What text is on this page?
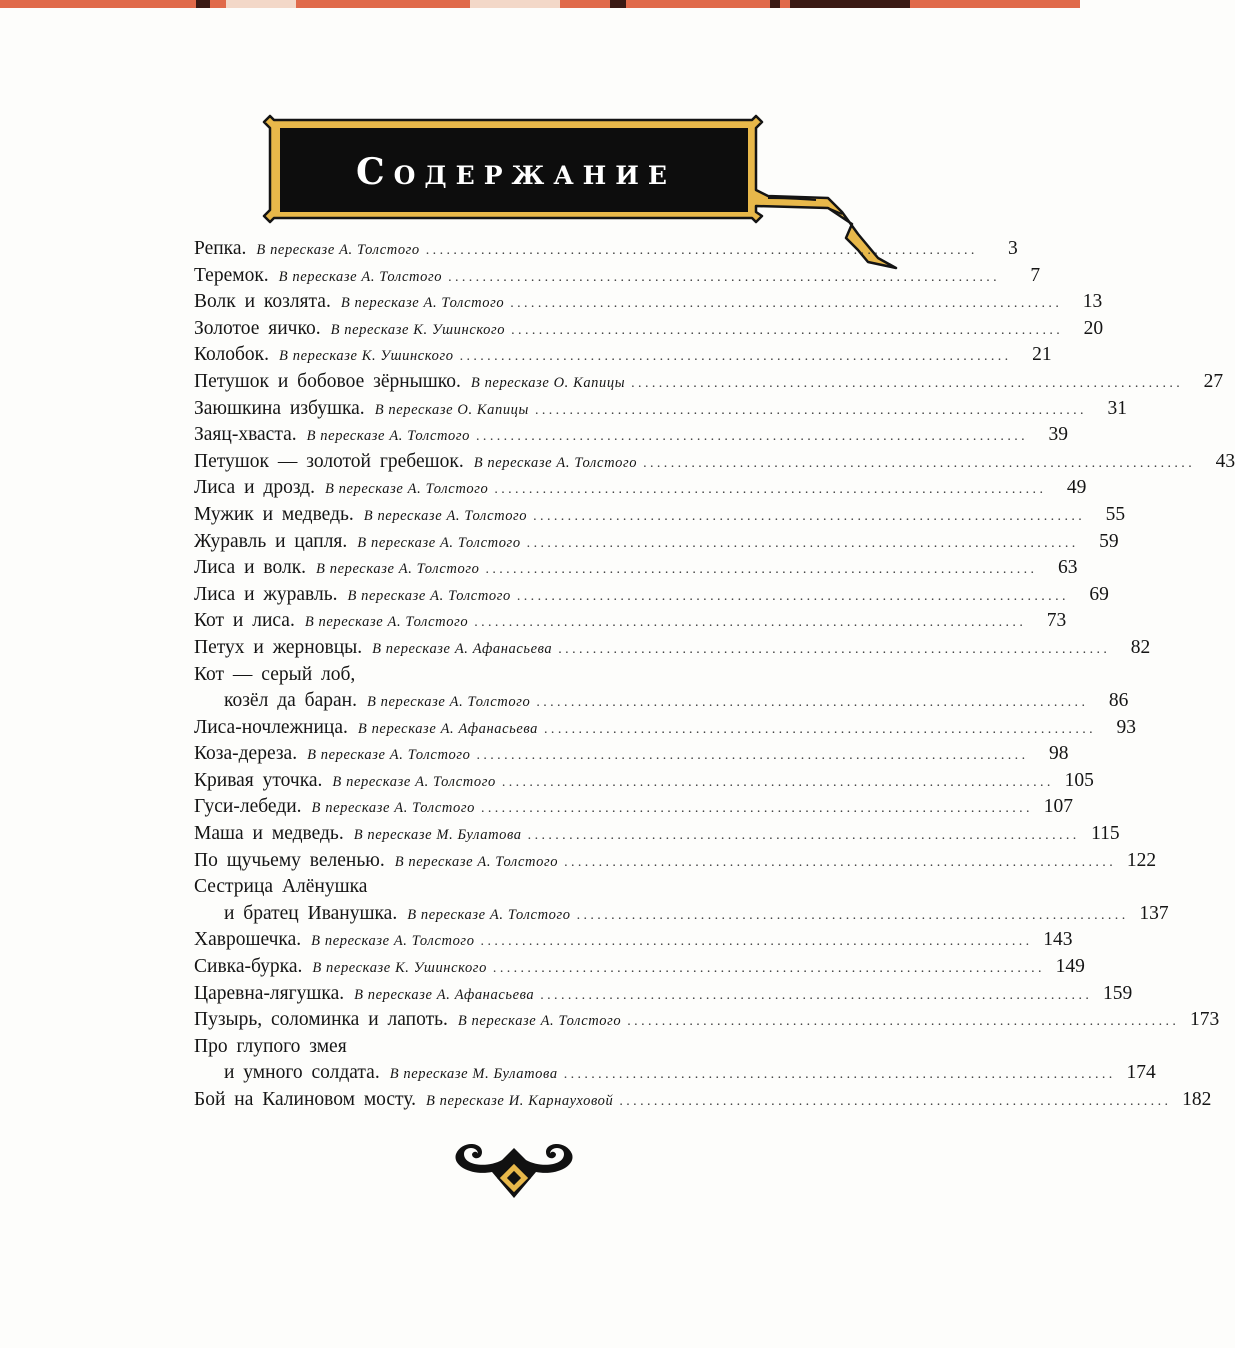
Содержание
Репка. В пересказе А. Толстого ................................................................................	3
Теремок. В пересказе А. Толстого ................................................................................	7
Волк и козлята. В пересказе А. Толстого ................................................................................	13
Золотое яичко. В пересказе К. Ушинского ................................................................................	20
Колобок. В пересказе К. Ушинского ................................................................................	21
Петушок и бобовое зёрнышко. В пересказе О. Капицы ................................................................................	27
Заюшкина избушка. В пересказе О. Капицы ................................................................................	31
Заяц-хваста. В пересказе А. Толстого ................................................................................	39
Петушок — золотой гребешок. В пересказе А. Толстого ................................................................................	43
Лиса и дрозд. В пересказе А. Толстого ................................................................................	49
Мужик и медведь. В пересказе А. Толстого ................................................................................	55
Журавль и цапля. В пересказе А. Толстого ................................................................................	59
Лиса и волк. В пересказе А. Толстого ................................................................................	63
Лиса и журавль. В пересказе А. Толстого ................................................................................	69
Кот и лиса. В пересказе А. Толстого ................................................................................	73
Петух и жерновцы. В пересказе А. Афанасьева ................................................................................	82
Кот — серый лоб,
козёл да баран. В пересказе А. Толстого ................................................................................	86
Лиса-ночлежница. В пересказе А. Афанасьева ................................................................................	93
Коза-дереза. В пересказе А. Толстого ................................................................................	98
Кривая уточка. В пересказе А. Толстого ................................................................................ 105
Гуси-лебеди. В пересказе А. Толстого ................................................................................ 107
Маша и медведь. В пересказе М. Булатова ................................................................................ 115
По щучьему веленью. В пересказе А. Толстого ................................................................................ 122
Сестрица Алёнушка
и братец Иванушка. В пересказе А. Толстого ................................................................................ 137
Хаврошечка. В пересказе А. Толстого ................................................................................ 143
Сивка-бурка. В пересказе К. Ушинского ................................................................................ 149
Царевна-лягушка. В пересказе А. Афанасьева ................................................................................ 159
Пузырь, соломинка и лапоть. В пересказе А. Толстого ................................................................................ 173
Про глупого змея
и умного солдата. В пересказе М. Булатова ................................................................................ 174
Бой на Калиновом мосту. В пересказе И. Карнауховой ................................................................................ 182
